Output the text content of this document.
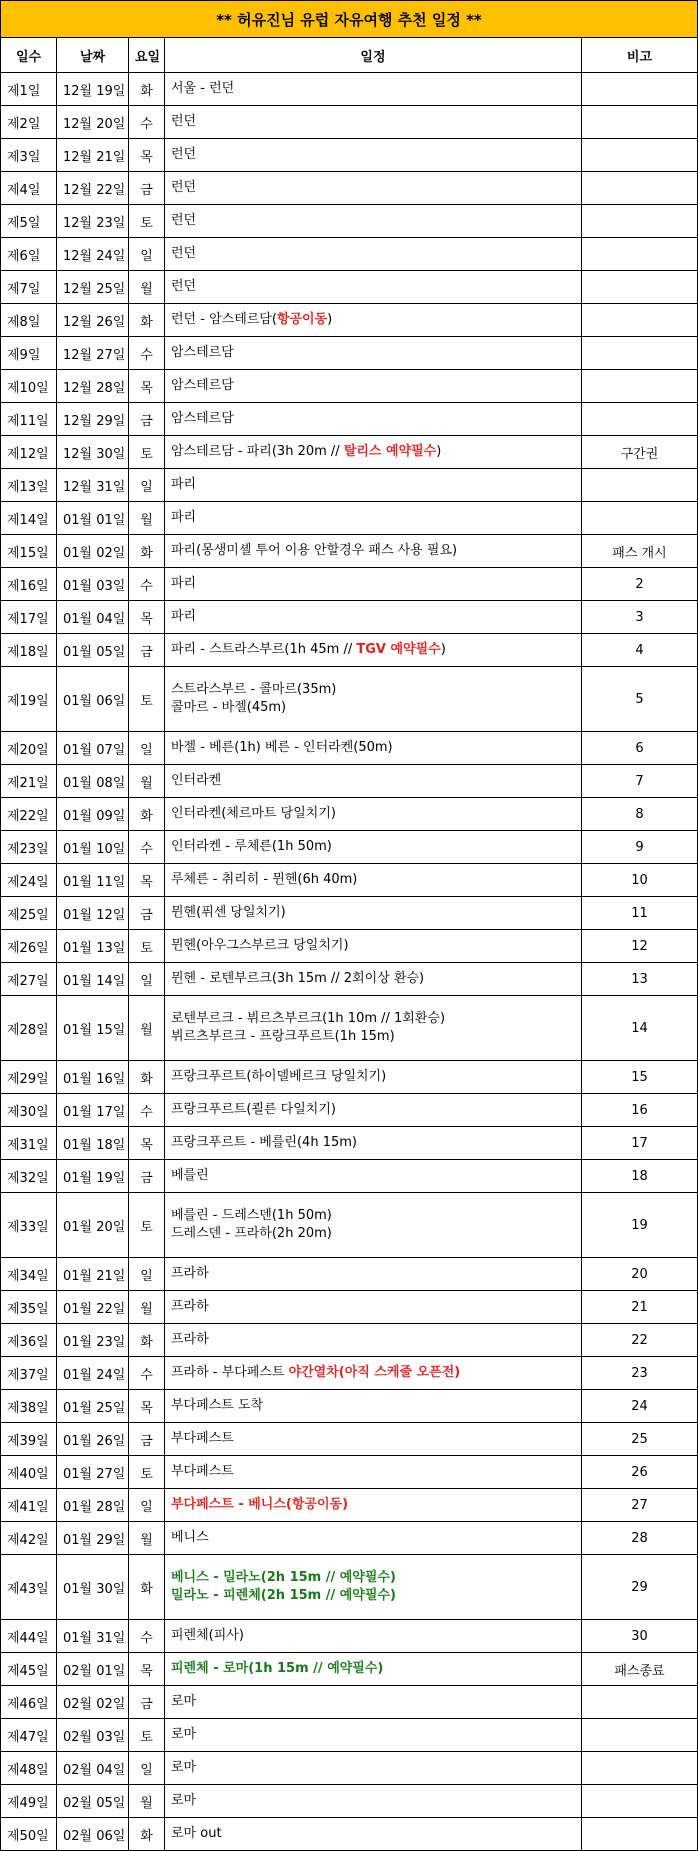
** 허유진님 유럽 자유여행 추천 일정 **				
일수	날짜	요일	일정	비고
제1일	12월 19일	화	서울 - 런던	

제2일	12월 20일	수	런던	

제3일	12월 21일	목	런던	

제4일	12월 22일	금	런던	

제5일	12월 23일	토	런던	

제6일	12월 24일	일	런던	

제7일	12월 25일	월	런던	

제8일	12월 26일	화	런던 - 암스테르담(항공이동)	

제9일	12월 27일	수	암스테르담	

제10일	12월 28일	목	암스테르담	

제11일	12월 29일	금	암스테르담	

제12일	12월 30일	토	암스테르담 - 파리(3h 20m // 탈리스 예약필수)	구간권
제13일	12월 31일	일	파리	

제14일	01월 01일	월	파리	

제15일	01월 02일	화	파리(몽생미셸 투어 이용 안할경우 패스 사용 필요)	패스 개시
제16일	01월 03일	수	파리	2
제17일	01월 04일	목	파리	3
제18일	01월 05일	금	파리 - 스트라스부르(1h 45m // TGV 예약필수)	4
제19일	01월 06일	토	스트라스부르 - 콜마르(35m)
콜마르 - 바젤(45m)	5
제20일	01월 07일	일	바젤 - 베른(1h) 베른 - 인터라켄(50m)	6
제21일	01월 08일	월	인터라켄	7
제22일	01월 09일	화	인터라켄(체르마트 당일치기)	8
제23일	01월 10일	수	인터라켄 - 루체른(1h 50m)	9
제24일	01월 11일	목	루체른 - 취리히 - 뮌헨(6h 40m)	10
제25일	01월 12일	금	뮌헨(퓌센 당일치기)	11
제26일	01월 13일	토	뮌헨(아우그스부르크 당일치기)	12
제27일	01월 14일	일	뮌헨 - 로텐부르크(3h 15m // 2회이상 환승)	13
제28일	01월 15일	월	로텐부르크 - 뷔르츠부르크(1h 10m // 1회환승)
뷔르츠부르크 - 프랑크푸르트(1h 15m)	14
제29일	01월 16일	화	프랑크푸르트(하이델베르크 당일치기)	15
제30일	01월 17일	수	프랑크푸르트(쾰른 다일치기)	16
제31일	01월 18일	목	프랑크푸르트 - 베를린(4h 15m)	17
제32일	01월 19일	금	베를린	18
제33일	01월 20일	토	베를린 - 드레스덴(1h 50m)
드레스덴 - 프라하(2h 20m)	19
제34일	01월 21일	일	프라하	20
제35일	01월 22일	월	프라하	21
제36일	01월 23일	화	프라하	22
제37일	01월 24일	수	프라하 - 부다페스트 야간열차(아직 스케줄 오픈전)	23
제38일	01월 25일	목	부다페스트 도착	24
제39일	01월 26일	금	부다페스트	25
제40일	01월 27일	토	부다페스트	26
제41일	01월 28일	일	부다페스트 - 베니스(항공이동)	27
제42일	01월 29일	월	베니스	28
제43일	01월 30일	화	베니스 - 밀라노(2h 15m // 예약필수)
밀라노 - 피렌체(2h 15m // 예약필수)	29
제44일	01월 31일	수	피렌체(피사)	30
제45일	02월 01일	목	피렌체 - 로마(1h 15m // 예약필수)	패스종료
제46일	02월 02일	금	로마	

제47일	02월 03일	토	로마	

제48일	02월 04일	일	로마	

제49일	02월 05일	월	로마	

제50일	02월 06일	화	로마 out	
